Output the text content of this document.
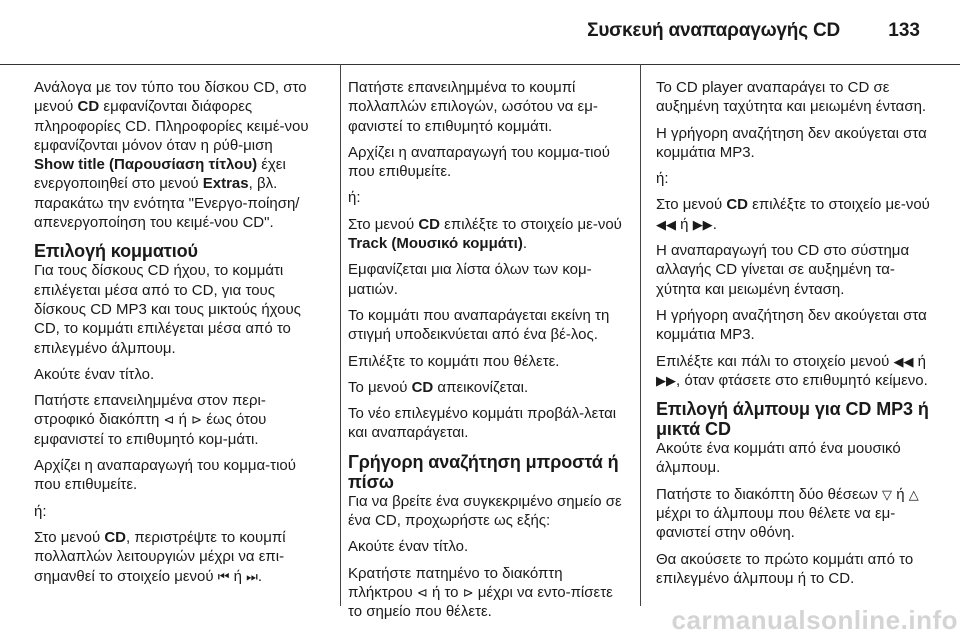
Συσκευή αναπαραγωγής CD	133

Ανάλογα με τον τύπο του δίσκου CD, στο μενού CD εμφανίζονται διάφορες πληροφορίες CD. Πληροφορίες κειμέ-νου εμφανίζονται μόνον όταν η ρύθ-μιση Show title (Παρουσίαση τίτλου) έχει ενεργοποιηθεί στο μενού Extras, βλ. παρακάτω την ενότητα "Ενεργο-ποίηση/απενεργοποίηση του κειμέ-νου CD".

Επιλογή κομματιού

Για τους δίσκους CD ήχου, το κομμάτι επιλέγεται μέσα από το CD, για τους δίσκους CD MP3 και τους μικτούς ήχους CD, το κομμάτι επιλέγεται μέσα από το επιλεγμένο άλμπουμ.

Ακούτε έναν τίτλο.

Πατήστε επανειλημμένα στον περι-στροφικό διακόπτη ⊲ ή ⊳ έως ότου εμφανιστεί το επιθυμητό κομ-μάτι.

Αρχίζει η αναπαραγωγή του κομμα-τιού που επιθυμείτε.

ή:

Στο μενού CD, περιστρέψτε το κουμπί πολλαπλών λειτουργιών μέχρι να επι-σημανθεί το στοιχείο μενού ⏮ ή ⏭.

Πατήστε επανειλημμένα το κουμπί πολλαπλών επιλογών, ωσότου να εμ-φανιστεί το επιθυμητό κομμάτι.

Αρχίζει η αναπαραγωγή του κομμα-τιού που επιθυμείτε.

ή:

Στο μενού CD επιλέξτε το στοιχείο με-νού Track (Μουσικό κομμάτι).

Εμφανίζεται μια λίστα όλων των κομ-ματιών.

Το κομμάτι που αναπαράγεται εκείνη τη στιγμή υποδεικνύεται από ένα βέ-λος.

Επιλέξτε το κομμάτι που θέλετε.

Το μενού CD απεικονίζεται.

Το νέο επιλεγμένο κομμάτι προβάλ-λεται και αναπαράγεται.

Γρήγορη αναζήτηση μπροστά ή πίσω

Για να βρείτε ένα συγκεκριμένο σημείο σε ένα CD, προχωρήστε ως εξής:

Ακούτε έναν τίτλο.

Κρατήστε πατημένο το διακόπτη πλήκτρου ⊲ ή το ⊳ μέχρι να εντο-πίσετε το σημείο που θέλετε.

Το CD player αναπαράγει το CD σε αυξημένη ταχύτητα και μειωμένη ένταση.

Η γρήγορη αναζήτηση δεν ακούγεται στα κομμάτια MP3.

ή:

Στο μενού CD επιλέξτε το στοιχείο με-νού ◀◀ ή ▶▶.

Η αναπαραγωγή του CD στο σύστημα αλλαγής CD γίνεται σε αυξημένη τα-χύτητα και μειωμένη ένταση.

Η γρήγορη αναζήτηση δεν ακούγεται στα κομμάτια MP3.

Επιλέξτε και πάλι το στοιχείο μενού ◀◀ ή ▶▶, όταν φτάσετε στο επιθυμητό κείμενο.

Επιλογή άλμπουμ για CD MP3 ή μικτά CD

Ακούτε ένα κομμάτι από ένα μουσικό άλμπουμ.

Πατήστε το διακόπτη δύο θέσεων ▽ ή △ μέχρι το άλμπουμ που θέλετε να εμ-φανιστεί στην οθόνη.

Θα ακούσετε το πρώτο κομμάτι από το επιλεγμένο άλμπουμ ή το CD.

carmanualsonline.info
